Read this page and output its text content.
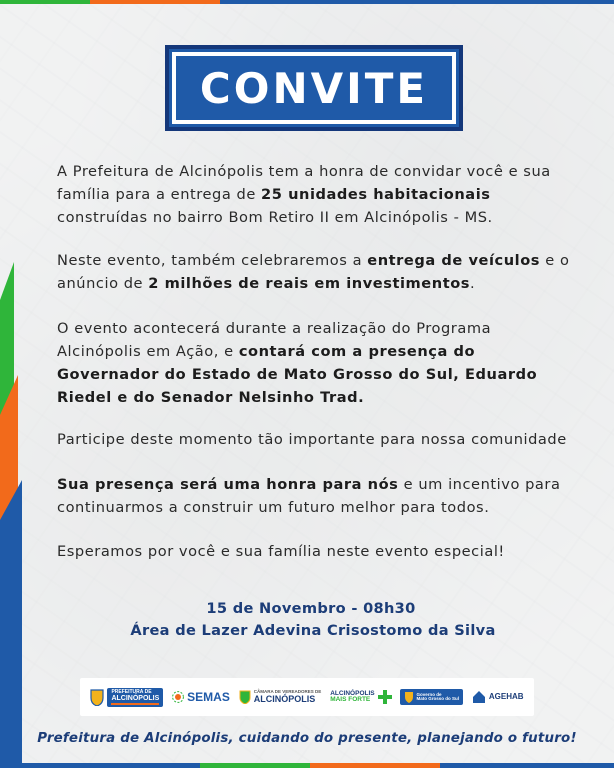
CONVITE

A Prefeitura de Alcinópolis tem a honra de convidar você e sua família para a entrega de 25 unidades habitacionais construídas no bairro Bom Retiro II em Alcinópolis - MS.

Neste evento, também celebraremos a entrega de veículos e o anúncio de 2 milhões de reais em investimentos.

O evento acontecerá durante a realização do Programa Alcinópolis em Ação, e contará com a presença do Governador do Estado de Mato Grosso do Sul, Eduardo Riedel e do Senador Nelsinho Trad.

Participe deste momento tão importante para nossa comunidade

Sua presença será uma honra para nós e um incentivo para continuarmos a construir um futuro melhor para todos.

Esperamos por você e sua família neste evento especial!

15 de Novembro - 08h30
Área de Lazer Adevina Crisostomo da Silva
PREFEITURA DE
ALCINÓPOLIS SEMAS	CÂMARA DE VEREADORES DE
ALCINÓPOLIS
ALCINÓPOLIS
MAIS FORTE
Governo de
Mato Grosso do Sul	AGEHAB
Prefeitura de Alcinópolis, cuidando do presente, planejando o futuro!
